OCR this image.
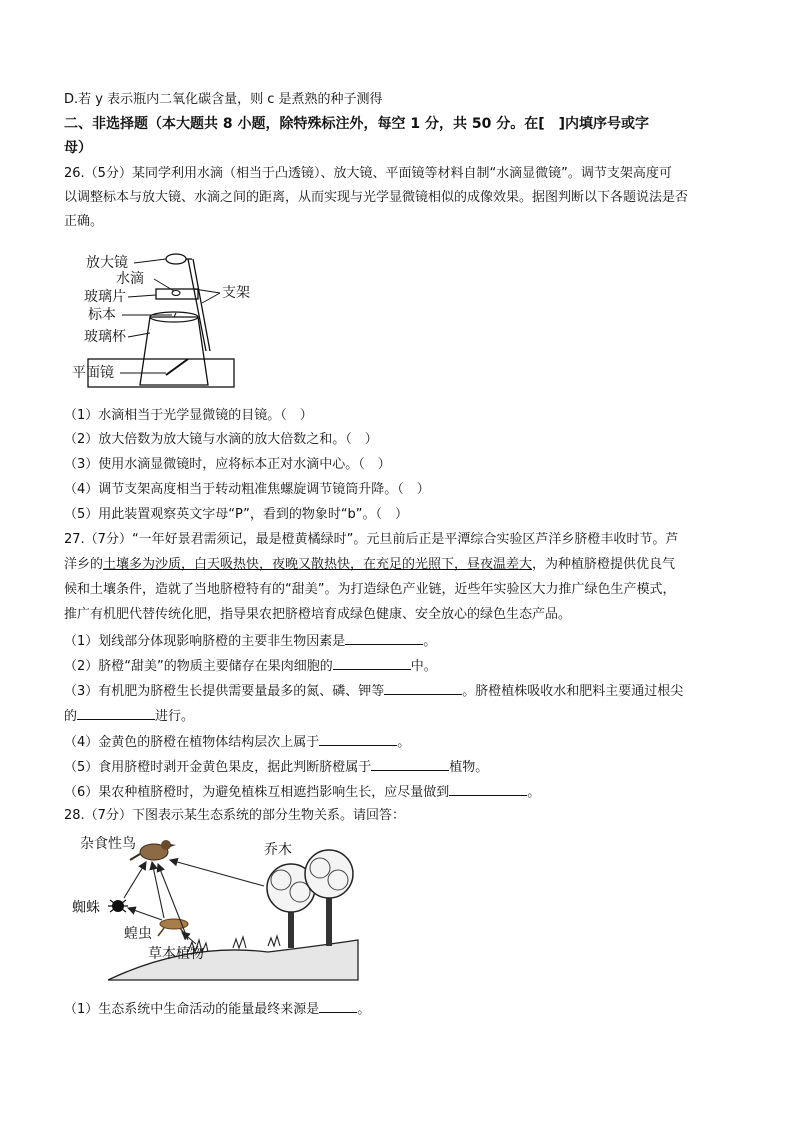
D.若 y 表示瓶内二氧化碳含量，则 c 是煮熟的种子测得
二、非选择题（本大题共 8 小题，除特殊标注外，每空 1 分，共 50 分。在[　]内填序号或字
母）
26.（5分）某同学利用水滴（相当于凸透镜）、放大镜、平面镜等材料自制“水滴显微镜”。调节支架高度可
以调整标本与放大镜、水滴之间的距离，从而实现与光学显微镜相似的成像效果。据图判断以下各题说法是否
正确。
放大镜
水滴
玻璃片
标本
玻璃杯
平面镜
支架
（1）水滴相当于光学显微镜的目镜。（　）
（2）放大倍数为放大镜与水滴的放大倍数之和。（　）
（3）使用水滴显微镜时，应将标本正对水滴中心。（　）
（4）调节支架高度相当于转动粗准焦螺旋调节镜筒升降。（　）
（5）用此装置观察英文字母“P”，看到的物象时“b”。（　）
27.（7分）“一年好景君需须记，最是橙黄橘绿时”。元旦前后正是平潭综合实验区芦洋乡脐橙丰收时节。芦
洋乡的土壤多为沙质，白天吸热快，夜晚又散热快，在充足的光照下，昼夜温差大，为种植脐橙提供优良气
候和土壤条件，造就了当地脐橙特有的“甜美”。为打造绿色产业链，近些年实验区大力推广绿色生产模式，
推广有机肥代替传统化肥，指导果农把脐橙培育成绿色健康、安全放心的绿色生态产品。
（1）划线部分体现影响脐橙的主要非生物因素是	。
（2）脐橙“甜美”的物质主要储存在果肉细胞的	中。
（3）有机肥为脐橙生长提供需要量最多的氮、磷、钾等	。脐橙植株吸收水和肥料主要通过根尖
的	进行。
（4）金黄色的脐橙在植物体结构层次上属于	。
（5）食用脐橙时剥开金黄色果皮，据此判断脐橙属于	植物。
（6）果农种植脐橙时，为避免植株互相遮挡影响生长，应尽量做到	。
28.（7分）下图表示某生态系统的部分生物关系。请回答：
杂食性鸟	乔木
蜘蛛
蝗虫
草本植物
（1）生态系统中生命活动的能量最终来源是	。
